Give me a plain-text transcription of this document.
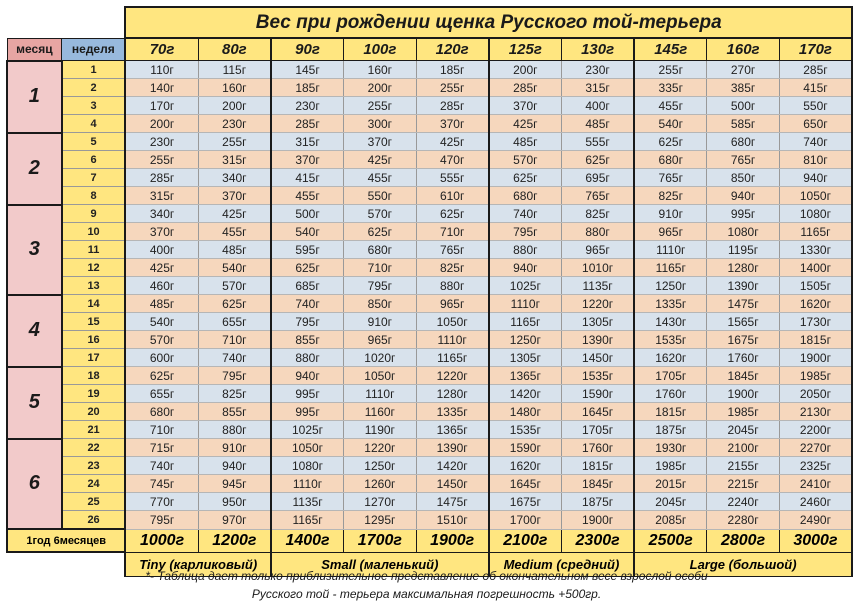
		Вес при рождении щенка Русского той-терьера									
месяц	неделя	70г	80г	90г	100г	120г	125г	130г	145г	160г	170г
1	1	110г	115г	145г	160г	185г	200г	230г	255г	270г	285г
	2	140г	160г	185г	200г	255г	285г	315г	335г	385г	415г
	3	170г	200г	230г	255г	285г	370г	400г	455г	500г	550г
	4	200г	230г	285г	300г	370г	425г	485г	540г	585г	650г
2	5	230г	255г	315г	370г	425г	485г	555г	625г	680г	740г
	6	255г	315г	370г	425г	470г	570г	625г	680г	765г	810г
	7	285г	340г	415г	455г	555г	625г	695г	765г	850г	940г
	8	315г	370г	455г	550г	610г	680г	765г	825г	940г	1050г
3	9	340г	425г	500г	570г	625г	740г	825г	910г	995г	1080г
	10	370г	455г	540г	625г	710г	795г	880г	965г	1080г	1165г
	11	400г	485г	595г	680г	765г	880г	965г	1110г	1195г	1330г
	12	425г	540г	625г	710г	825г	940г	1010г	1165г	1280г	1400г
	13	460г	570г	685г	795г	880г	1025г	1135г	1250г	1390г	1505г
4	14	485г	625г	740г	850г	965г	1110г	1220г	1335г	1475г	1620г
	15	540г	655г	795г	910г	1050г	1165г	1305г	1430г	1565г	1730г
	16	570г	710г	855г	965г	1110г	1250г	1390г	1535г	1675г	1815г
	17	600г	740г	880г	1020г	1165г	1305г	1450г	1620г	1760г	1900г
5	18	625г	795г	940г	1050г	1220г	1365г	1535г	1705г	1845г	1985г
	19	655г	825г	995г	1110г	1280г	1420г	1590г	1760г	1900г	2050г
	20	680г	855г	995г	1160г	1335г	1480г	1645г	1815г	1985г	2130г
	21	710г	880г	1025г	1190г	1365г	1535г	1705г	1875г	2045г	2200г
6	22	715г	910г	1050г	1220г	1390г	1590г	1760г	1930г	2100г	2270г
	23	740г	940г	1080г	1250г	1420г	1620г	1815г	1985г	2155г	2325г
	24	745г	945г	1110г	1260г	1450г	1645г	1845г	2015г	2215г	2410г
	25	770г	950г	1135г	1270г	1475г	1675г	1875г	2045г	2240г	2460г
	26	795г	970г	1165г	1295г	1510г	1700г	1900г	2085г	2280г	2490г
1год 6месяцев		1000г	1200г	1400г	1700г	1900г	2100г	2300г	2500г	2800г	3000г
		Tiny (карликовый)		Small (маленький)			Medium (средний)		Large (большой)		
*- Таблица дает только приблизительное представление об окончательном весе взрослой особи
Русского той - терьера максимальная погрешность +500гр.
